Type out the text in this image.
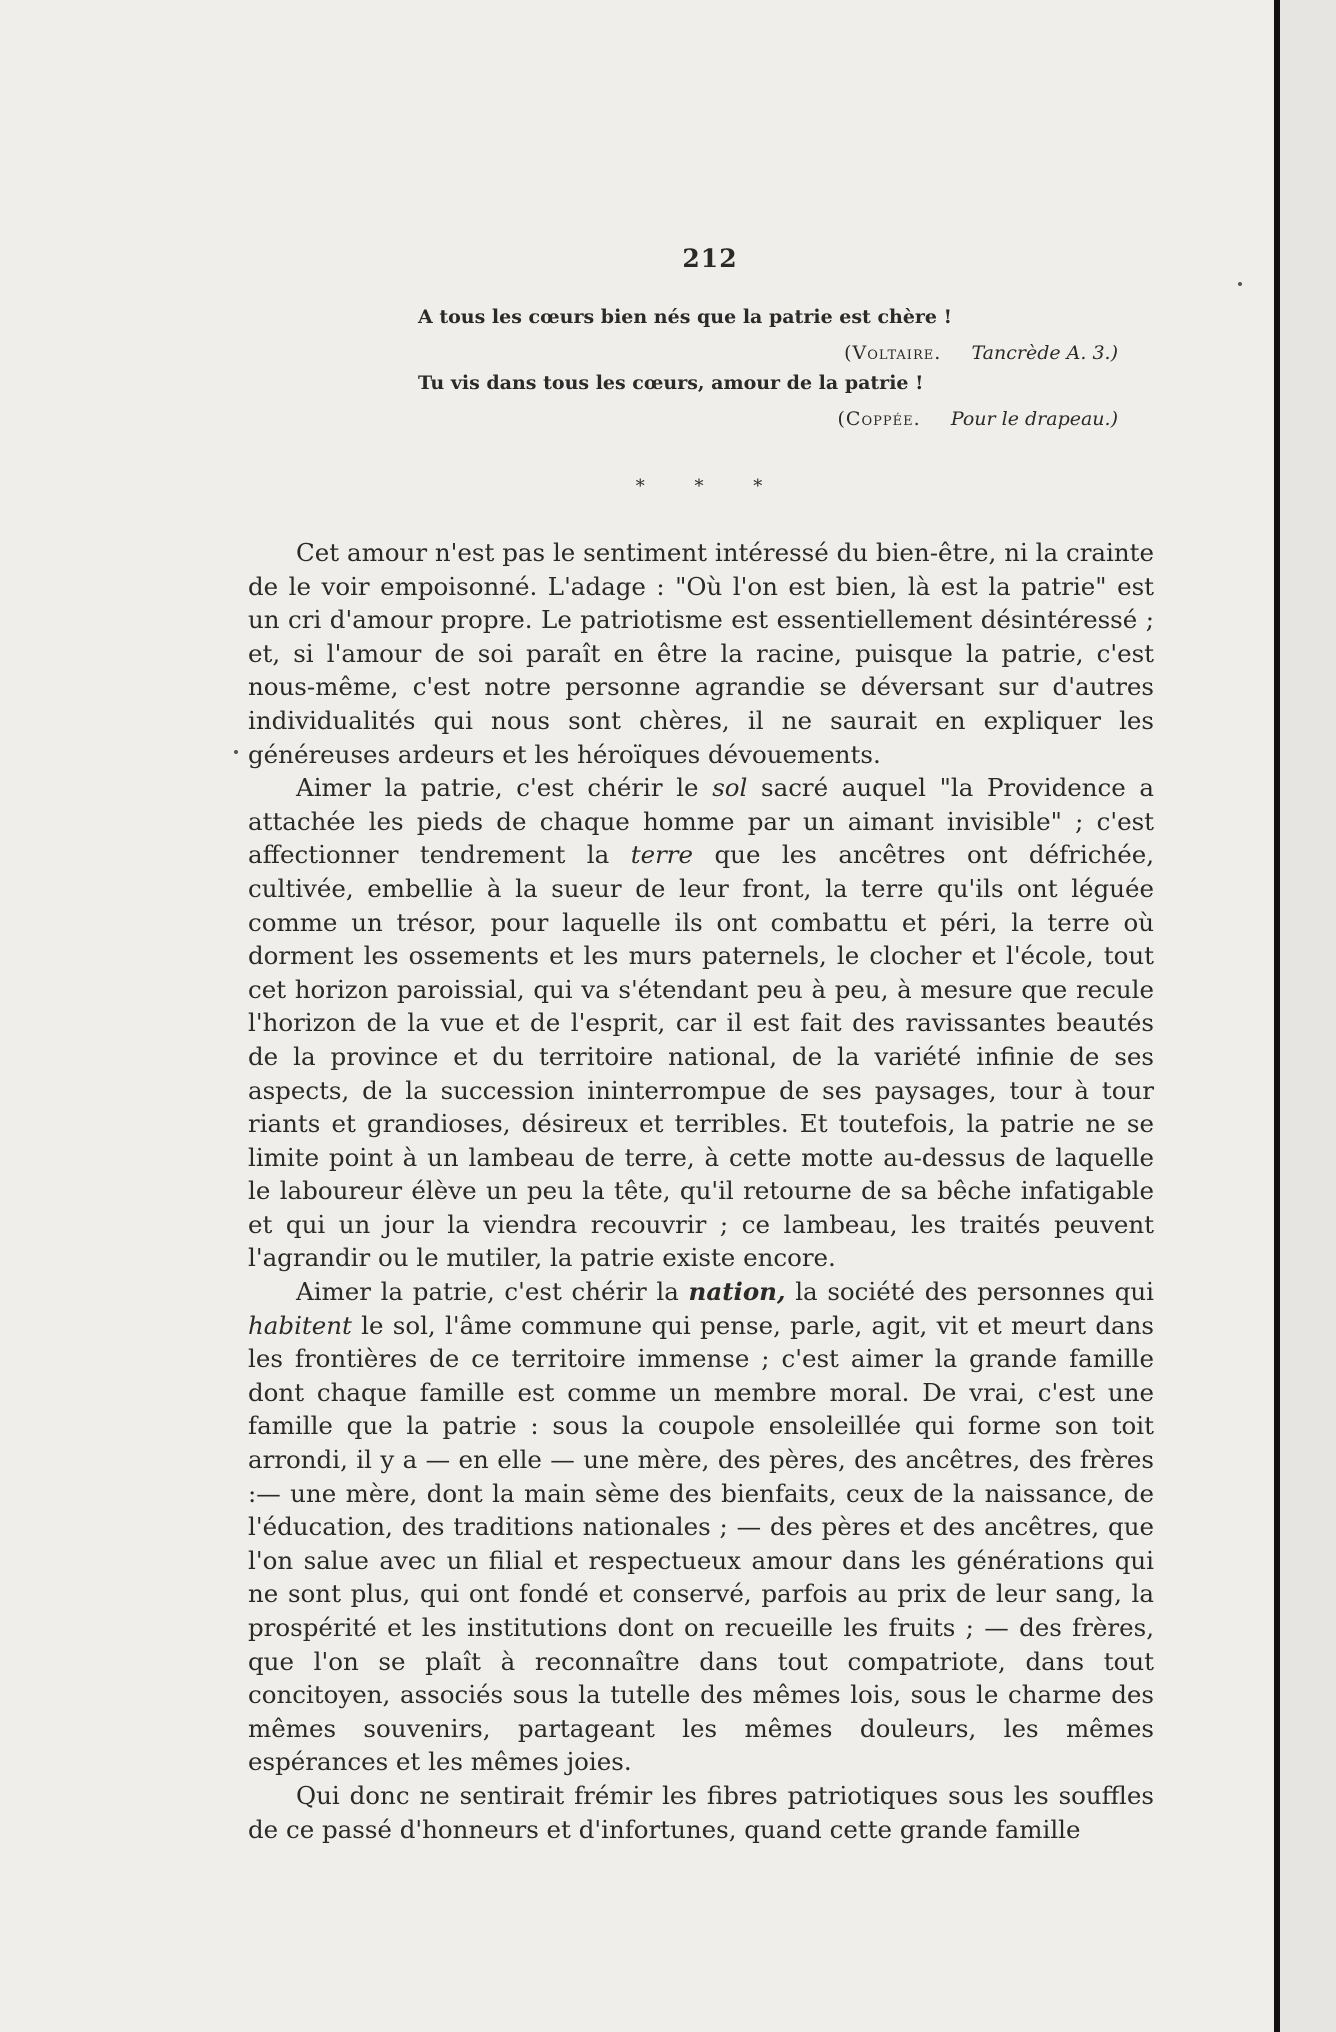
212
A tous les cœurs bien nés que la patrie est chère !
(Voltaire. Tancrède A. 3.)
Tu vis dans tous les cœurs, amour de la patrie !
(Coppée. Pour le drapeau.)
* * *

Cet amour n'est pas le sentiment intéressé du bien-être, ni la crainte de le voir empoisonné. L'adage : "Où l'on est bien, là est la patrie" est un cri d'amour propre. Le patriotisme est essentiellement désintéressé ; et, si l'amour de soi paraît en être la racine, puisque la patrie, c'est nous-même, c'est notre personne agrandie se déversant sur d'autres individualités qui nous sont chères, il ne saurait en expliquer les généreuses ardeurs et les héroïques dévouements.

Aimer la patrie, c'est chérir le sol sacré auquel "la Providence a attachée les pieds de chaque homme par un aimant invisible" ; c'est affectionner tendrement la terre que les ancêtres ont défrichée, cultivée, embellie à la sueur de leur front, la terre qu'ils ont léguée comme un trésor, pour laquelle ils ont combattu et péri, la terre où dorment les ossements et les murs paternels, le clocher et l'école, tout cet horizon paroissial, qui va s'étendant peu à peu, à mesure que recule l'horizon de la vue et de l'esprit, car il est fait des ravissantes beautés de la province et du territoire national, de la variété infinie de ses aspects, de la succession ininterrompue de ses paysages, tour à tour riants et grandioses, désireux et terribles. Et toutefois, la patrie ne se limite point à un lambeau de terre, à cette motte au-dessus de laquelle le laboureur élève un peu la tête, qu'il retourne de sa bêche infatigable et qui un jour la viendra recouvrir ; ce lambeau, les traités peuvent l'agrandir ou le mutiler, la patrie existe encore.

Aimer la patrie, c'est chérir la nation, la société des personnes qui habitent le sol, l'âme commune qui pense, parle, agit, vit et meurt dans les frontières de ce territoire immense ; c'est aimer la grande famille dont chaque famille est comme un membre moral. De vrai, c'est une famille que la patrie : sous la coupole ensoleillée qui forme son toit arrondi, il y a — en elle — une mère, des pères, des ancêtres, des frères :— une mère, dont la main sème des bienfaits, ceux de la naissance, de l'éducation, des traditions nationales ; — des pères et des ancêtres, que l'on salue avec un filial et respectueux amour dans les générations qui ne sont plus, qui ont fondé et conservé, parfois au prix de leur sang, la prospérité et les institutions dont on recueille les fruits ; — des frères, que l'on se plaît à reconnaître dans tout compatriote, dans tout concitoyen, associés sous la tutelle des mêmes lois, sous le charme des mêmes souvenirs, partageant les mêmes douleurs, les mêmes espérances et les mêmes joies.

Qui donc ne sentirait frémir les fibres patriotiques sous les souffles de ce passé d'honneurs et d'infortunes, quand cette grande famille
